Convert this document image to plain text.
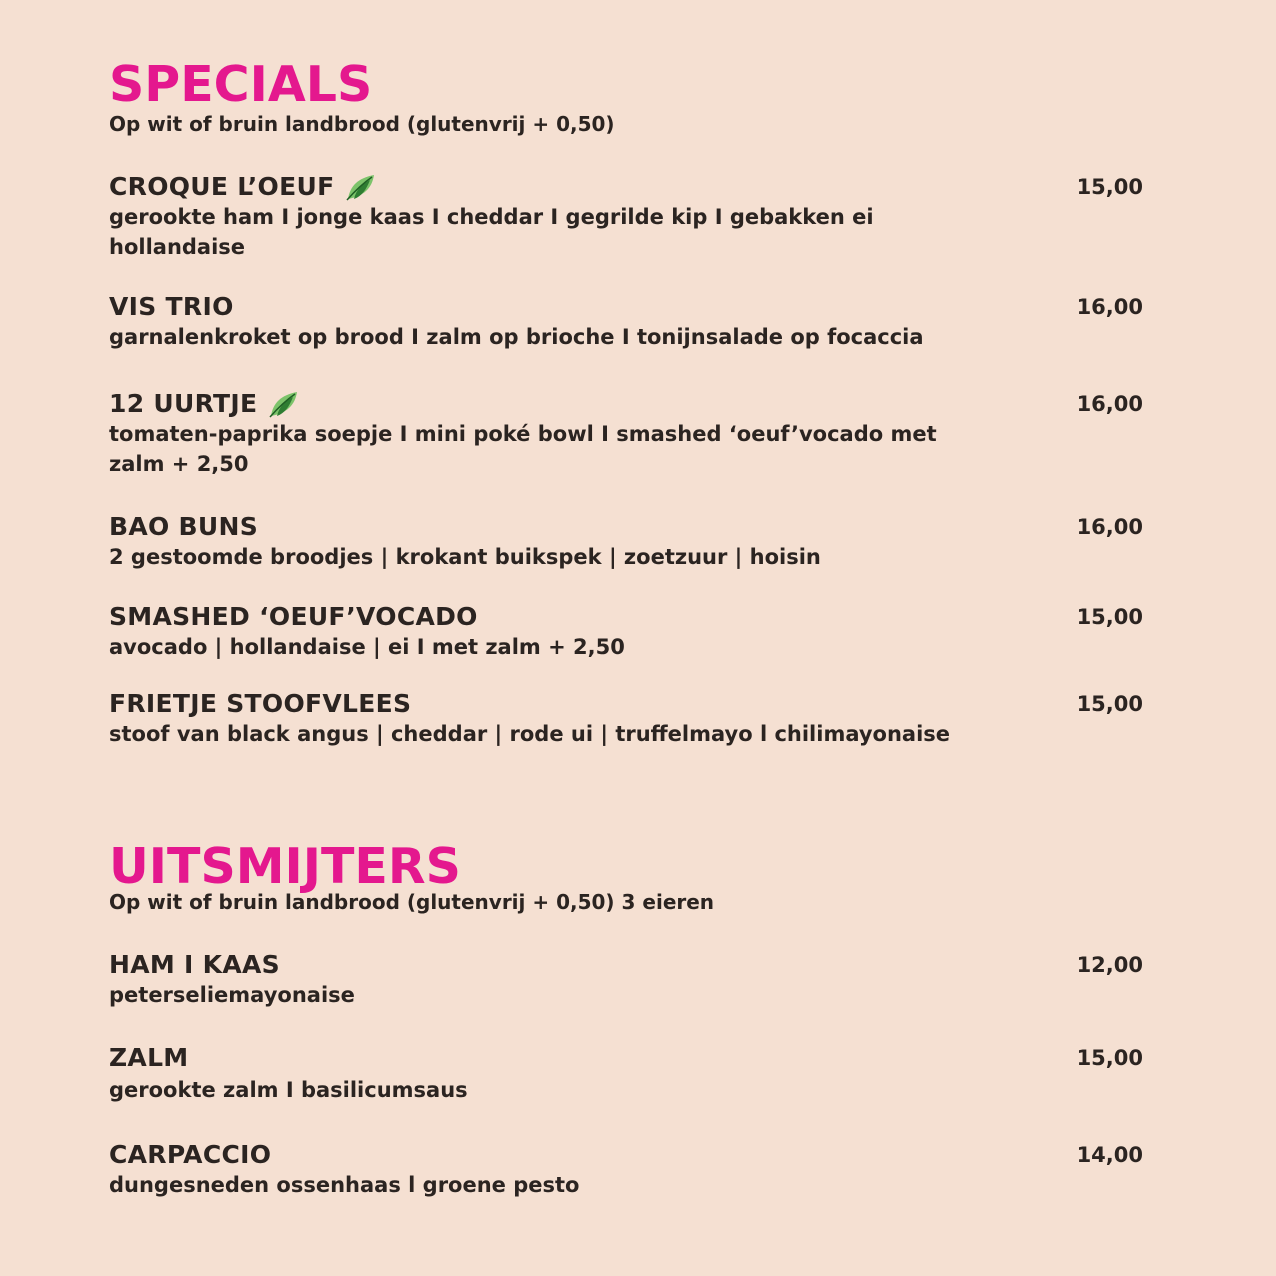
SPECIALS

Op wit of bruin landbrood (glutenvrij + 0,50)

CROQUE L’OEUF
gerookte ham I jonge kaas I cheddar I gegrilde kip I gebakken ei hollandaise
15,00
VIS TRIO
garnalenkroket op brood I zalm op brioche I tonijnsalade op focaccia
16,00
12 UURTJE
tomaten-paprika soepje I mini poké bowl I smashed ‘oeuf’vocado met zalm + 2,50
16,00
BAO BUNS
2 gestoomde broodjes | krokant buikspek | zoetzuur | hoisin
16,00
SMASHED ‘OEUF’VOCADO
avocado | hollandaise | ei I met zalm + 2,50
15,00
FRIETJE STOOFVLEES
stoof van black angus | cheddar | rode ui | truffelmayo l chilimayonaise
15,00
UITSMIJTERS

Op wit of bruin landbrood (glutenvrij + 0,50) 3 eieren

HAM I KAAS
peterseliemayonaise
12,00
ZALM
gerookte zalm I basilicumsaus
15,00
CARPACCIO
dungesneden ossenhaas l groene pesto
14,00
